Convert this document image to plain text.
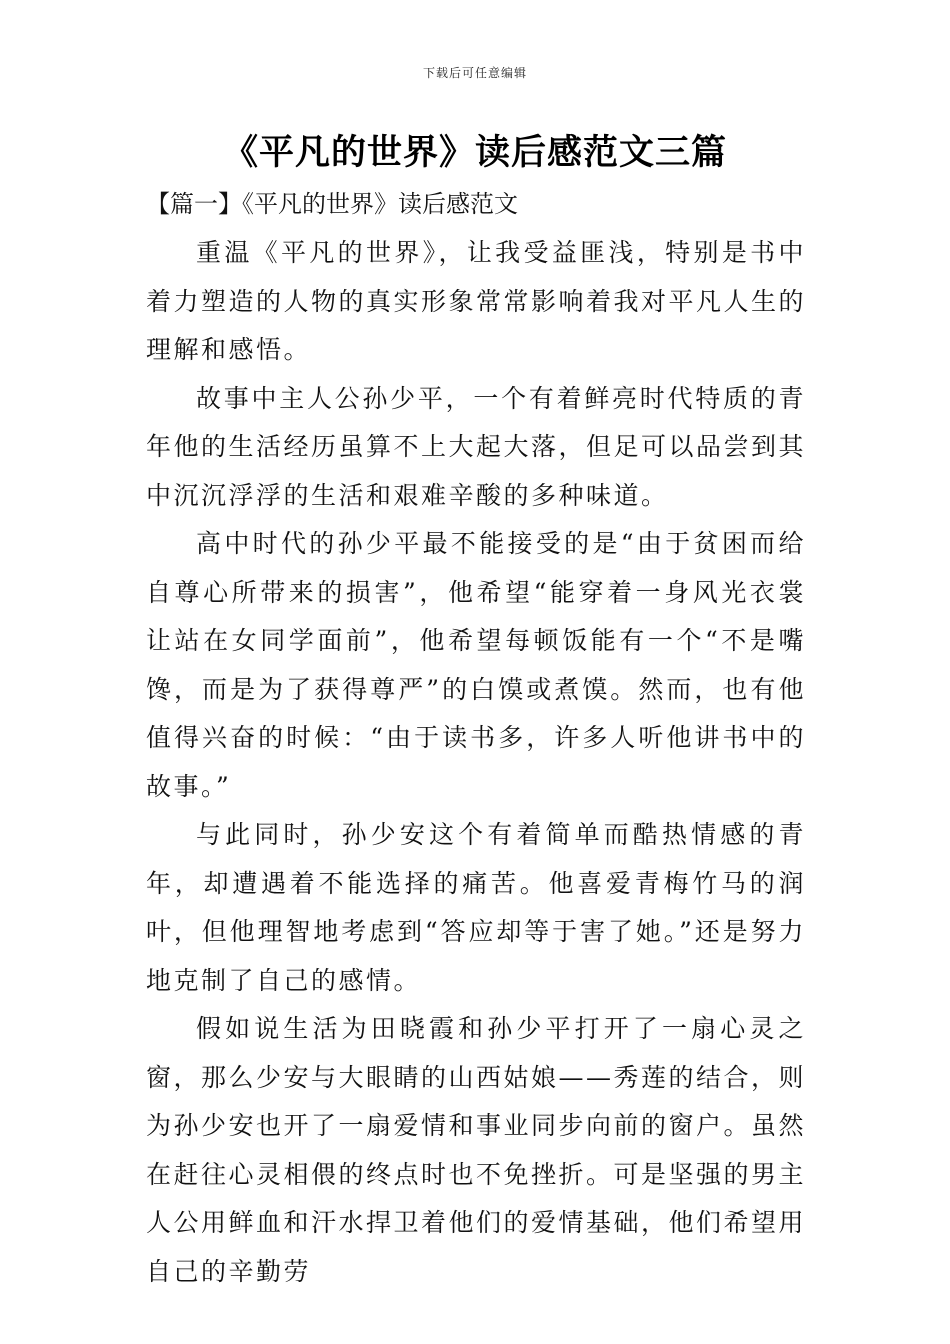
下载后可任意编辑
《平凡的世界》读后感范文三篇
【篇一】《平凡的世界》读后感范文

重温《平凡的世界》，让我受益匪浅，特别是书中着力塑造的人物的真实形象常常影响着我对平凡人生的理解和感悟。

故事中主人公孙少平，一个有着鲜亮时代特质的青年他的生活经历虽算不上大起大落，但足可以品尝到其中沉沉浮浮的生活和艰难辛酸的多种味道。

高中时代的孙少平最不能接受的是“由于贫困而给自尊心所带来的损害”，他希望“能穿着一身风光衣裳让站在女同学面前”，他希望每顿饭能有一个“不是嘴馋，而是为了获得尊严”的白馍或煮馍。然而，也有他值得兴奋的时候：“由于读书多，许多人听他讲书中的故事。”

与此同时，孙少安这个有着简单而酷热情感的青年，却遭遇着不能选择的痛苦。他喜爱青梅竹马的润叶，但他理智地考虑到“答应却等于害了她。”还是努力地克制了自己的感情。

假如说生活为田晓霞和孙少平打开了一扇心灵之窗，那么少安与大眼睛的山西姑娘——秀莲的结合，则为孙少安也开了一扇爱情和事业同步向前的窗户。虽然在赶往心灵相偎的终点时也不免挫折。可是坚强的男主人公用鲜血和汗水捍卫着他们的爱情基础，他们希望用自己的辛勤劳
